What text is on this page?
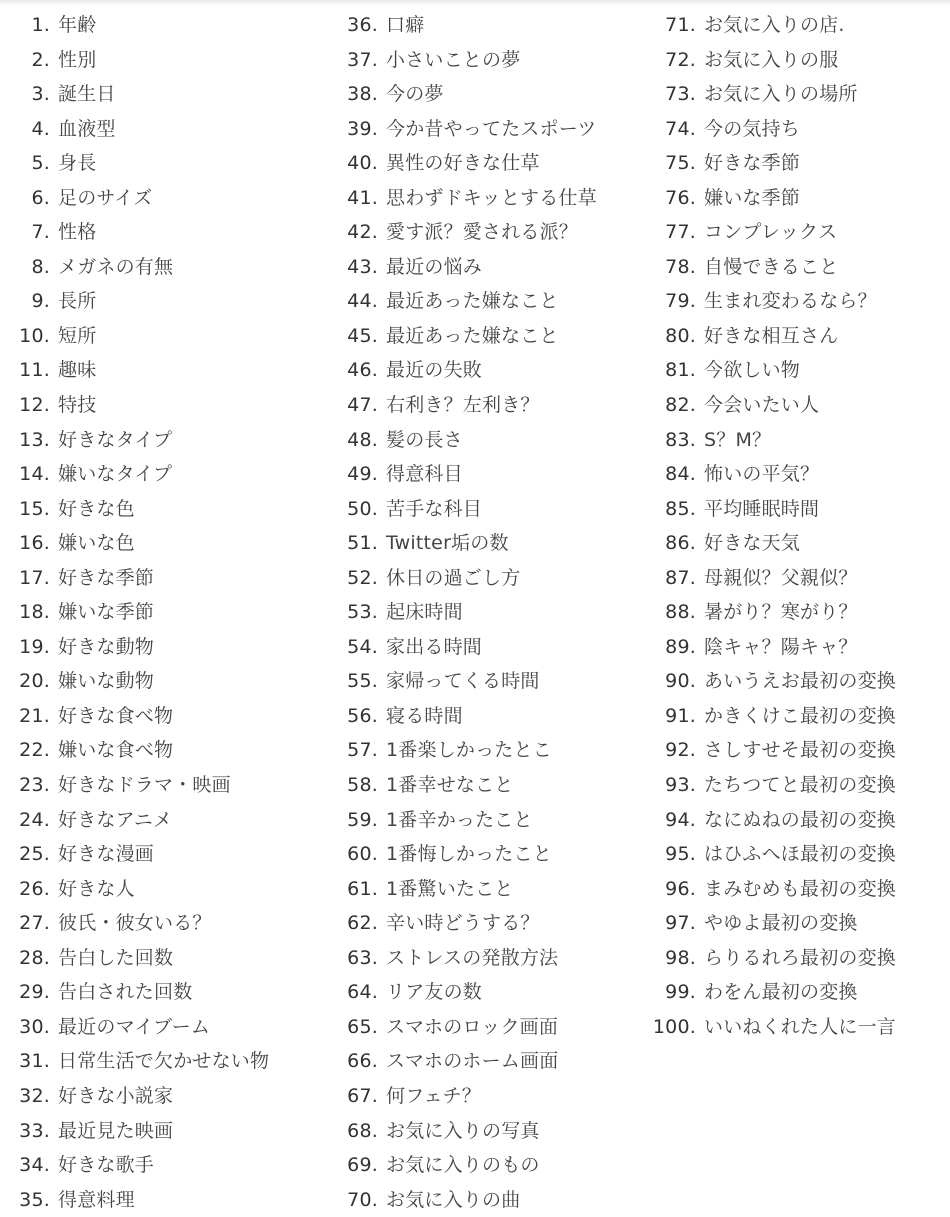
1. 年齢
2. 性別
3. 誕生日
4. 血液型
5. 身長
6. 足のサイズ
7. 性格
8. メガネの有無
9. 長所
10. 短所
11. 趣味
12. 特技
13. 好きなタイプ
14. 嫌いなタイプ
15. 好きな色
16. 嫌いな色
17. 好きな季節
18. 嫌いな季節
19. 好きな動物
20. 嫌いな動物
21. 好きな食べ物
22. 嫌いな食べ物
23. 好きなドラマ・映画
24. 好きなアニメ
25. 好きな漫画
26. 好きな人
27. 彼氏・彼女いる？
28. 告白した回数
29. 告白された回数
30. 最近のマイブーム
31. 日常生活で欠かせない物
32. 好きな小説家
33. 最近見た映画
34. 好きな歌手
35. 得意料理
36. 口癖
37. 小さいことの夢
38. 今の夢
39. 今か昔やってたスポーツ
40. 異性の好きな仕草
41. 思わずドキッとする仕草
42. 愛す派？愛される派？
43. 最近の悩み
44. 最近あった嫌なこと
45. 最近あった嫌なこと
46. 最近の失敗
47. 右利き？左利き？
48. 髪の長さ
49. 得意科目
50. 苦手な科目
51. Twitter垢の数
52. 休日の過ごし方
53. 起床時間
54. 家出る時間
55. 家帰ってくる時間
56. 寝る時間
57. 1番楽しかったとこ
58. 1番幸せなこと
59. 1番辛かったこと
60. 1番悔しかったこと
61. 1番驚いたこと
62. 辛い時どうする？
63. ストレスの発散方法
64. リア友の数
65. スマホのロック画面
66. スマホのホーム画面
67. 何フェチ？
68. お気に入りの写真
69. お気に入りのもの
70. お気に入りの曲
71. お気に入りの店.
72. お気に入りの服
73. お気に入りの場所
74. 今の気持ち
75. 好きな季節
76. 嫌いな季節
77. コンプレックス
78. 自慢できること
79. 生まれ変わるなら？
80. 好きな相互さん
81. 今欲しい物
82. 今会いたい人
83. S？M？
84. 怖いの平気？
85. 平均睡眠時間
86. 好きな天気
87. 母親似？父親似？
88. 暑がり？寒がり？
89. 陰キャ？陽キャ？
90. あいうえお最初の変換
91. かきくけこ最初の変換
92. さしすせそ最初の変換
93. たちつてと最初の変換
94. なにぬねの最初の変換
95. はひふへほ最初の変換
96. まみむめも最初の変換
97. やゆよ最初の変換
98. らりるれろ最初の変換
99. わをん最初の変換
100. いいねくれた人に一言
